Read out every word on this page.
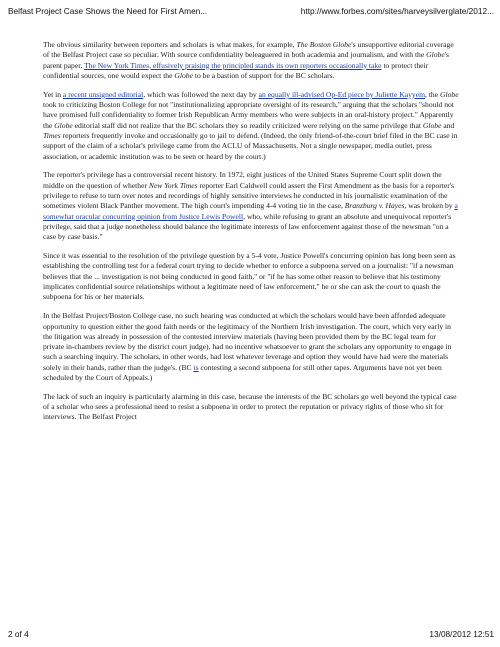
Belfast Project Case Shows the Need for First Amen...	http://www.forbes.com/sites/harveysilverglate/2012...

The obvious similarity between reporters and scholars is what makes, for example, The Boston Globe's unsupportive editorial coverage of the Belfast Project case so peculiar. With source confidentiality beleaguered in both academia and journalism, and with the Globe's parent paper, The New York Times, effusively praising the principled stands its own reporters occasionally take to protect their confidential sources, one would expect the Globe to be a bastion of support for the BC scholars.

Yet in a recent unsigned editorial, which was followed the next day by an equally ill-advised Op-Ed piece by Juliette Kayyem, the Globe took to criticizing Boston College for not "institutionalizing appropriate oversight of its research," arguing that the scholars "should not have promised full confidentiality to former Irish Republican Army members who were subjects in an oral-history project." Apparently the Globe editorial staff did not realize that the BC scholars they so readily criticized were relying on the same privilege that Globe and Times reporters frequently invoke and occasionally go to jail to defend. (Indeed, the only friend-of-the-court brief filed in the BC case in support of the claim of a scholar's privilege came from the ACLU of Massachusetts. Not a single newspaper, media outlet, press association, or academic institution was to be seen or heard by the court.)

The reporter's privilege has a controversial recent history. In 1972, eight justices of the United States Supreme Court split down the middle on the question of whether New York Times reporter Earl Caldwell could assert the First Amendment as the basis for a reporter's privilege to refuse to turn over notes and recordings of highly sensitive interviews he conducted in his journalistic examination of the sometimes violent Black Panther movement. The high court's impending 4-4 voting tie in the case, Branzburg v. Hayes, was broken by a somewhat oracular concurring opinion from Justice Lewis Powell, who, while refusing to grant an absolute and unequivocal reporter's privilege, said that a judge nonetheless should balance the legitimate interests of law enforcement against those of the newsman "on a case by case basis."

Since it was essential to the resolution of the privilege question by a 5-4 vote, Justice Powell's concurring opinion has long been seen as establishing the controlling test for a federal court trying to decide whether to enforce a subpoena served on a journalist: "if a newsman believes that the ... investigation is not being conducted in good faith," or "if he has some other reason to believe that his testimony implicates confidential source relationships without a legitimate need of law enforcement," he or she can ask the court to quash the subpoena for his or her materials.

In the Belfast Project/Boston College case, no such hearing was conducted at which the scholars would have been afforded adequate opportunity to question either the good faith needs or the legitimacy of the Northern Irish investigation. The court, which very early in the litigation was already in possession of the contested interview materials (having been provided them by the BC legal team for private in-chambers review by the district court judge), had no incentive whatsoever to grant the scholars any opportunity to engage in such a searching inquiry. The scholars, in other words, had lost whatever leverage and option they would have had were the materials solely in their hands, rather than the judge's. (BC is contesting a second subpoena for still other tapes. Arguments have not yet been scheduled by the Court of Appeals.)

The lack of such an inquiry is particularly alarming in this case, because the interests of the BC scholars go well beyond the typical case of a scholar who sees a professional need to resist a subpoena in order to protect the reputation or privacy rights of those who sit for interviews. The Belfast Project

2 of 4	13/08/2012 12:51
